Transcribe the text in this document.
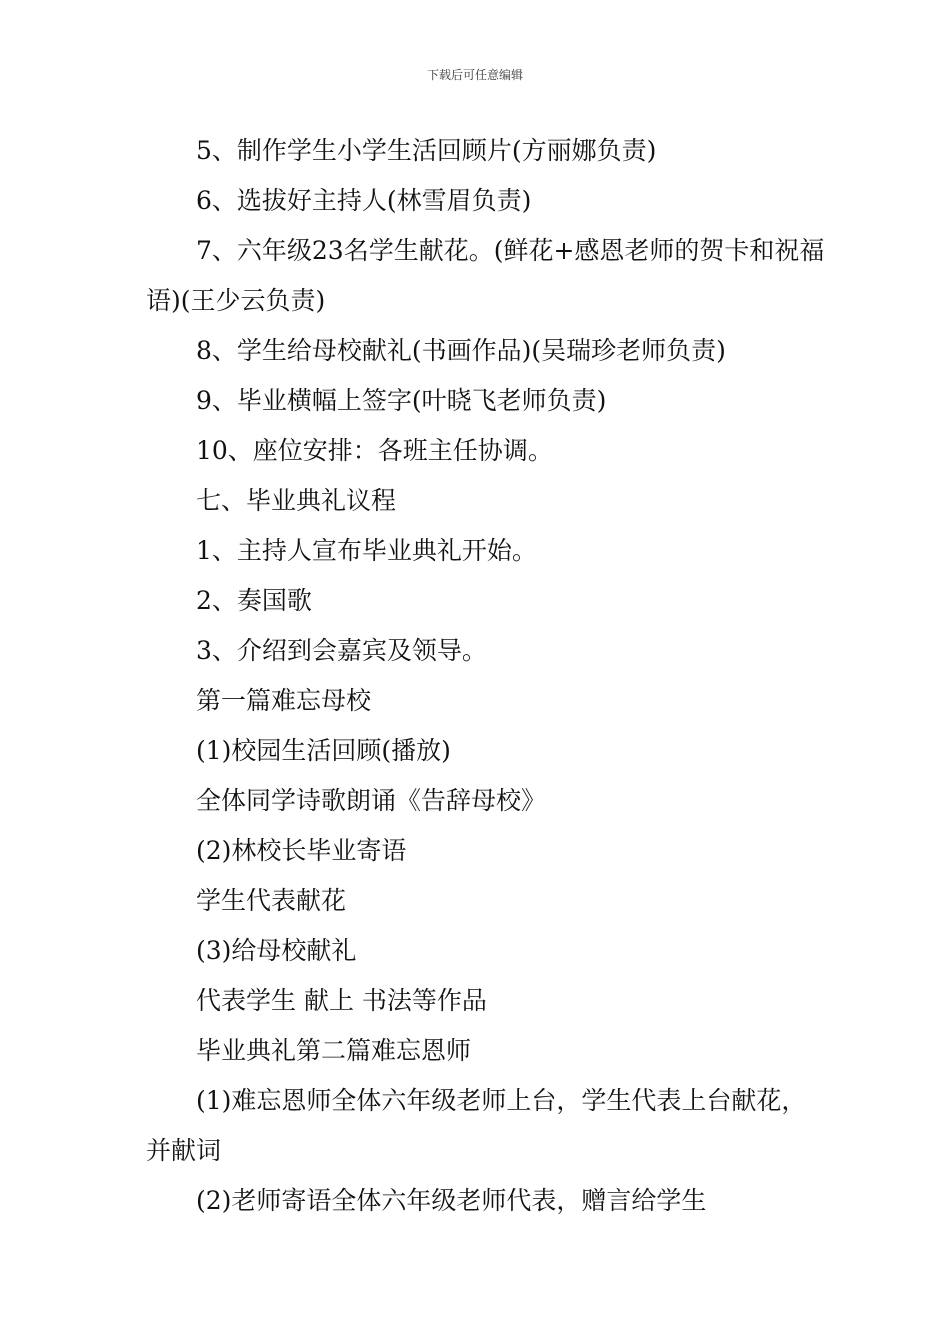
下载后可任意编辑

5、制作学生小学生活回顾片(方丽娜负责)

6、选拔好主持人(林雪眉负责)

7、六年级23名学生献花。(鲜花+感恩老师的贺卡和祝福语)(王少云负责)

8、学生给母校献礼(书画作品)(吴瑞珍老师负责)

9、毕业横幅上签字(叶晓飞老师负责)

10、座位安排：各班主任协调。

七、毕业典礼议程

1、主持人宣布毕业典礼开始。

2、奏国歌

3、介绍到会嘉宾及领导。

第一篇难忘母校

(1)校园生活回顾(播放)

全体同学诗歌朗诵《告辞母校》

(2)林校长毕业寄语

学生代表献花

(3)给母校献礼

代表学生 献上 书法等作品

毕业典礼第二篇难忘恩师

(1)难忘恩师全体六年级老师上台，学生代表上台献花，并献词

(2)老师寄语全体六年级老师代表，赠言给学生
